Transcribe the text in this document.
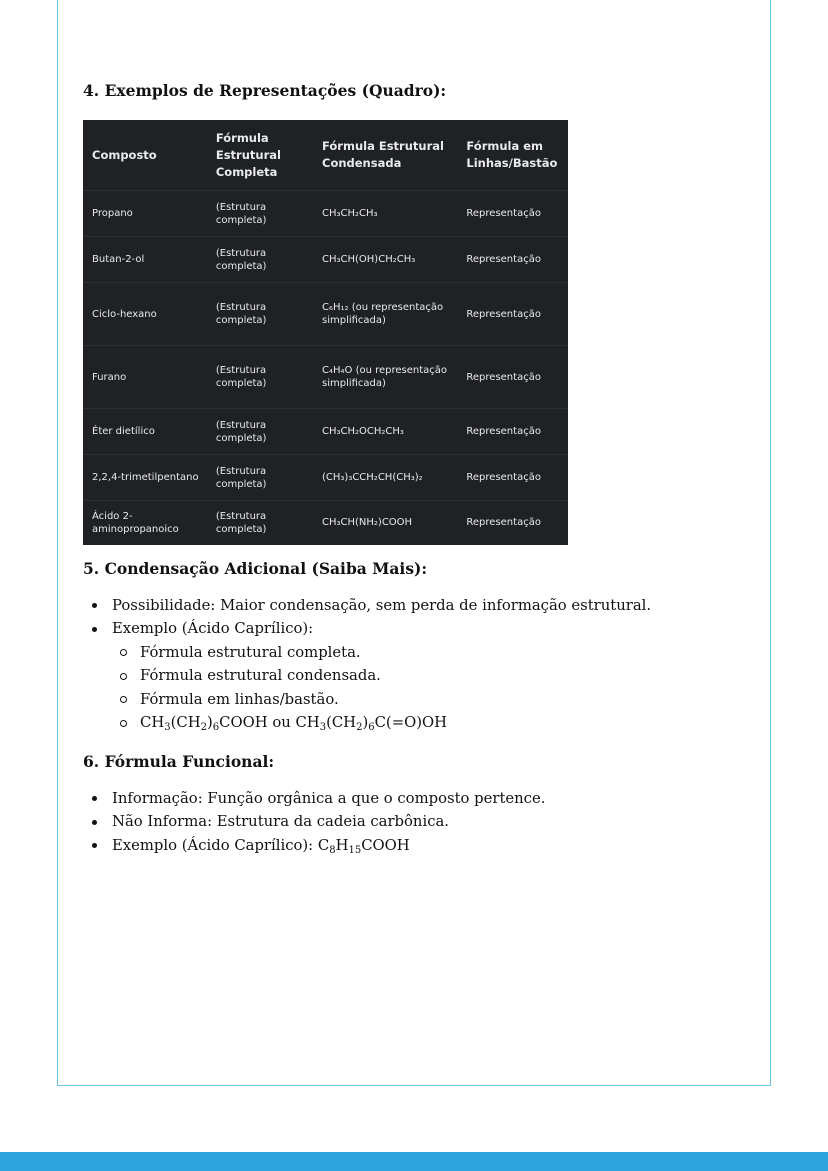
4. Exemplos de Representações (Quadro):
Composto	Fórmula Estrutural Completa	Fórmula Estrutural Condensada	Fórmula em Linhas/Bastão
Propano	(Estrutura completa)	CH₃CH₂CH₃	Representação
Butan-2-ol	(Estrutura completa)	CH₃CH(OH)CH₂CH₃	Representação
Ciclo-hexano	(Estrutura completa)	C₆H₁₂ (ou representação simplificada)	Representação
Furano	(Estrutura completa)	C₄H₄O (ou representação simplificada)	Representação
Éter dietílico	(Estrutura completa)	CH₃CH₂OCH₂CH₃	Representação
2,2,4-trimetilpentano	(Estrutura completa)	(CH₃)₃CCH₂CH(CH₃)₂	Representação
Ácido 2-aminopropanoico	(Estrutura completa)	CH₃CH(NH₂)COOH	Representação
5. Condensação Adicional (Saiba Mais):
Possibilidade: Maior condensação, sem perda de informação estrutural.
Exemplo (Ácido Caprílico):
Fórmula estrutural completa.
Fórmula estrutural condensada.
Fórmula em linhas/bastão.
$CH_3(CH_2)_6COOH$ ou $CH_3(CH_2)_6C(=O)OH$
6. Fórmula Funcional:
Informação: Função orgânica a que o composto pertence.
Não Informa: Estrutura da cadeia carbônica.
Exemplo (Ácido Caprílico): $C_8H_{15}COOH$
